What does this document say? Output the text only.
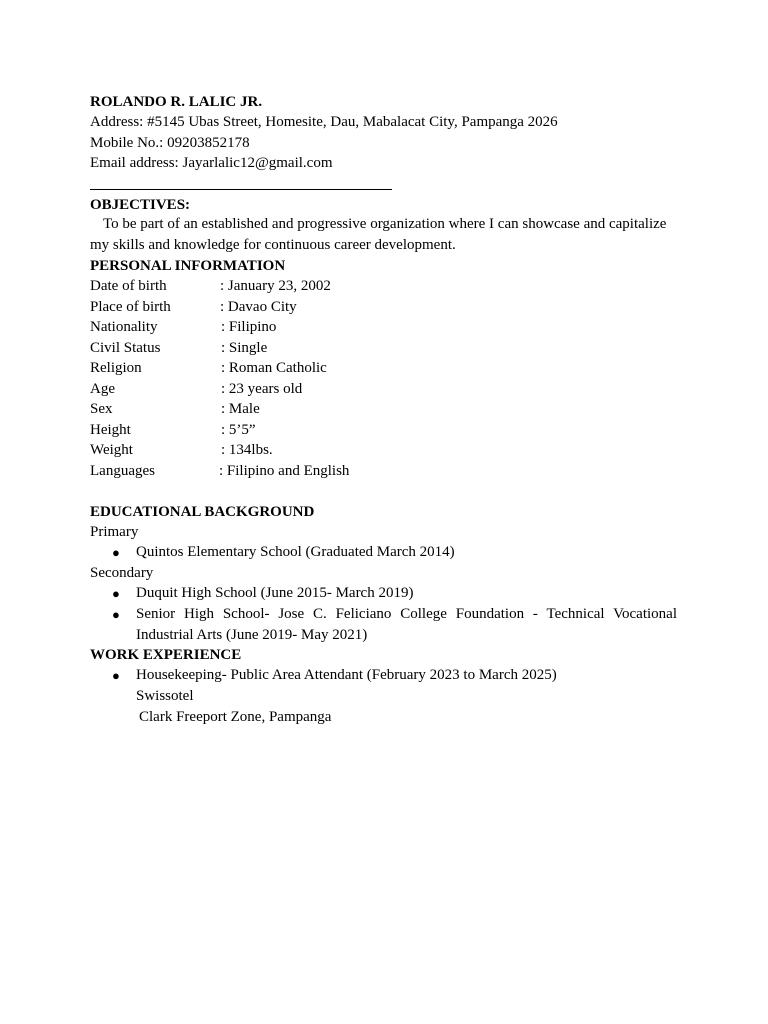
ROLANDO R. LALIC JR.
Address: #5145 Ubas Street, Homesite, Dau, Mabalacat City, Pampanga 2026
Mobile No.: 09203852178
Email address: Jayarlalic12@gmail.com
OBJECTIVES:
To be part of an established and progressive organization where I can showcase and capitalize my skills and knowledge for continuous career development.
PERSONAL INFORMATION
Date of birth	: January 23, 2002
Place of birth	: Davao City
Nationality	: Filipino
Civil Status	: Single
Religion	: Roman Catholic
Age	: 23 years old
Sex	: Male
Height	: 5’5”
Weight	: 134lbs.
Languages	: Filipino and English
EDUCATIONAL BACKGROUND
Primary
● Quintos Elementary School (Graduated March 2014)
Secondary
● Duquit High School (June 2015- March 2019)
● Senior High School- Jose C. Feliciano College Foundation - Technical Vocational Industrial Arts (June 2019- May 2021)
WORK EXPERIENCE
● Housekeeping- Public Area Attendant (February 2023 to March 2025)
Swissotel
Clark Freeport Zone, Pampanga
